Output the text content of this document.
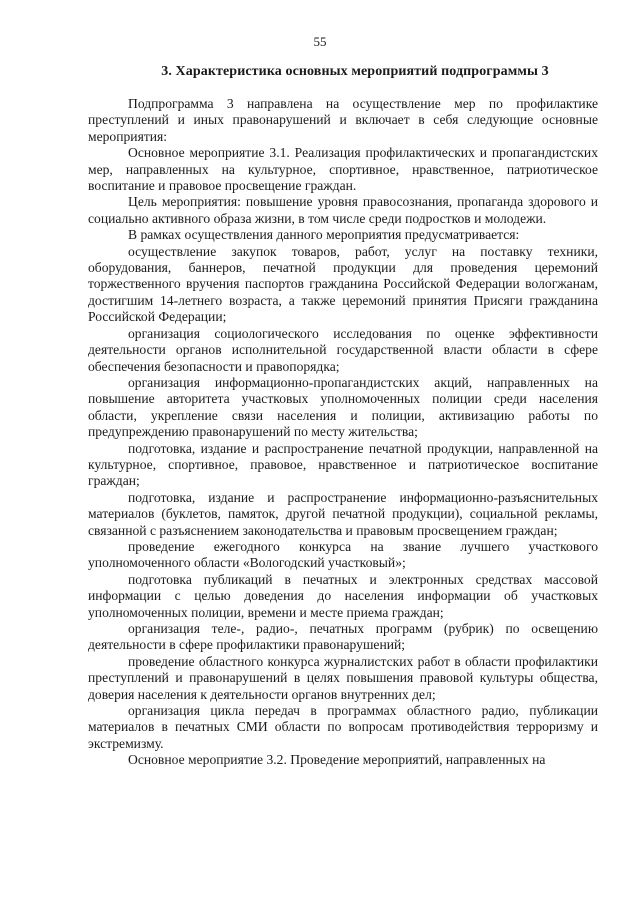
55
3. Характеристика основных мероприятий подпрограммы 3

Подпрограмма 3 направлена на осуществление мер по профилактике преступлений и иных правонарушений и включает в себя следующие основные мероприятия:

Основное мероприятие 3.1. Реализация профилактических и пропагандистских мер, направленных на культурное, спортивное, нравственное, патриотическое воспитание и правовое просвещение граждан.

Цель мероприятия: повышение уровня правосознания, пропаганда здорового и социально активного образа жизни, в том числе среди подростков и молодежи.

В рамках осуществления данного мероприятия предусматривается:

осуществление закупок товаров, работ, услуг на поставку техники, оборудования, баннеров, печатной продукции для проведения церемоний торжественного вручения паспортов гражданина Российской Федерации вологжанам, достигшим 14-летнего возраста, а также церемоний принятия Присяги гражданина Российской Федерации;

организация социологического исследования по оценке эффективности деятельности органов исполнительной государственной власти области в сфере обеспечения безопасности и правопорядка;

организация информационно-пропагандистских акций, направленных на повышение авторитета участковых уполномоченных полиции среди населения области, укрепление связи населения и полиции, активизацию работы по предупреждению правонарушений по месту жительства;

подготовка, издание и распространение печатной продукции, направленной на культурное, спортивное, правовое, нравственное и патриотическое воспитание граждан;

подготовка, издание и распространение информационно-разъяснительных материалов (буклетов, памяток, другой печатной продукции), социальной рекламы, связанной с разъяснением законодательства и правовым просвещением граждан;

проведение ежегодного конкурса на звание лучшего участкового уполномоченного области «Вологодский участковый»;

подготовка публикаций в печатных и электронных средствах массовой информации с целью доведения до населения информации об участковых уполномоченных полиции, времени и месте приема граждан;

организация теле-, радио-, печатных программ (рубрик) по освещению деятельности в сфере профилактики правонарушений;

проведение областного конкурса журналистских работ в области профилактики преступлений и правонарушений в целях повышения правовой культуры общества, доверия населения к деятельности органов внутренних дел;

организация цикла передач в программах областного радио, публикации материалов в печатных СМИ области по вопросам противодействия терроризму и экстремизму.

Основное мероприятие 3.2. Проведение мероприятий, направленных на
